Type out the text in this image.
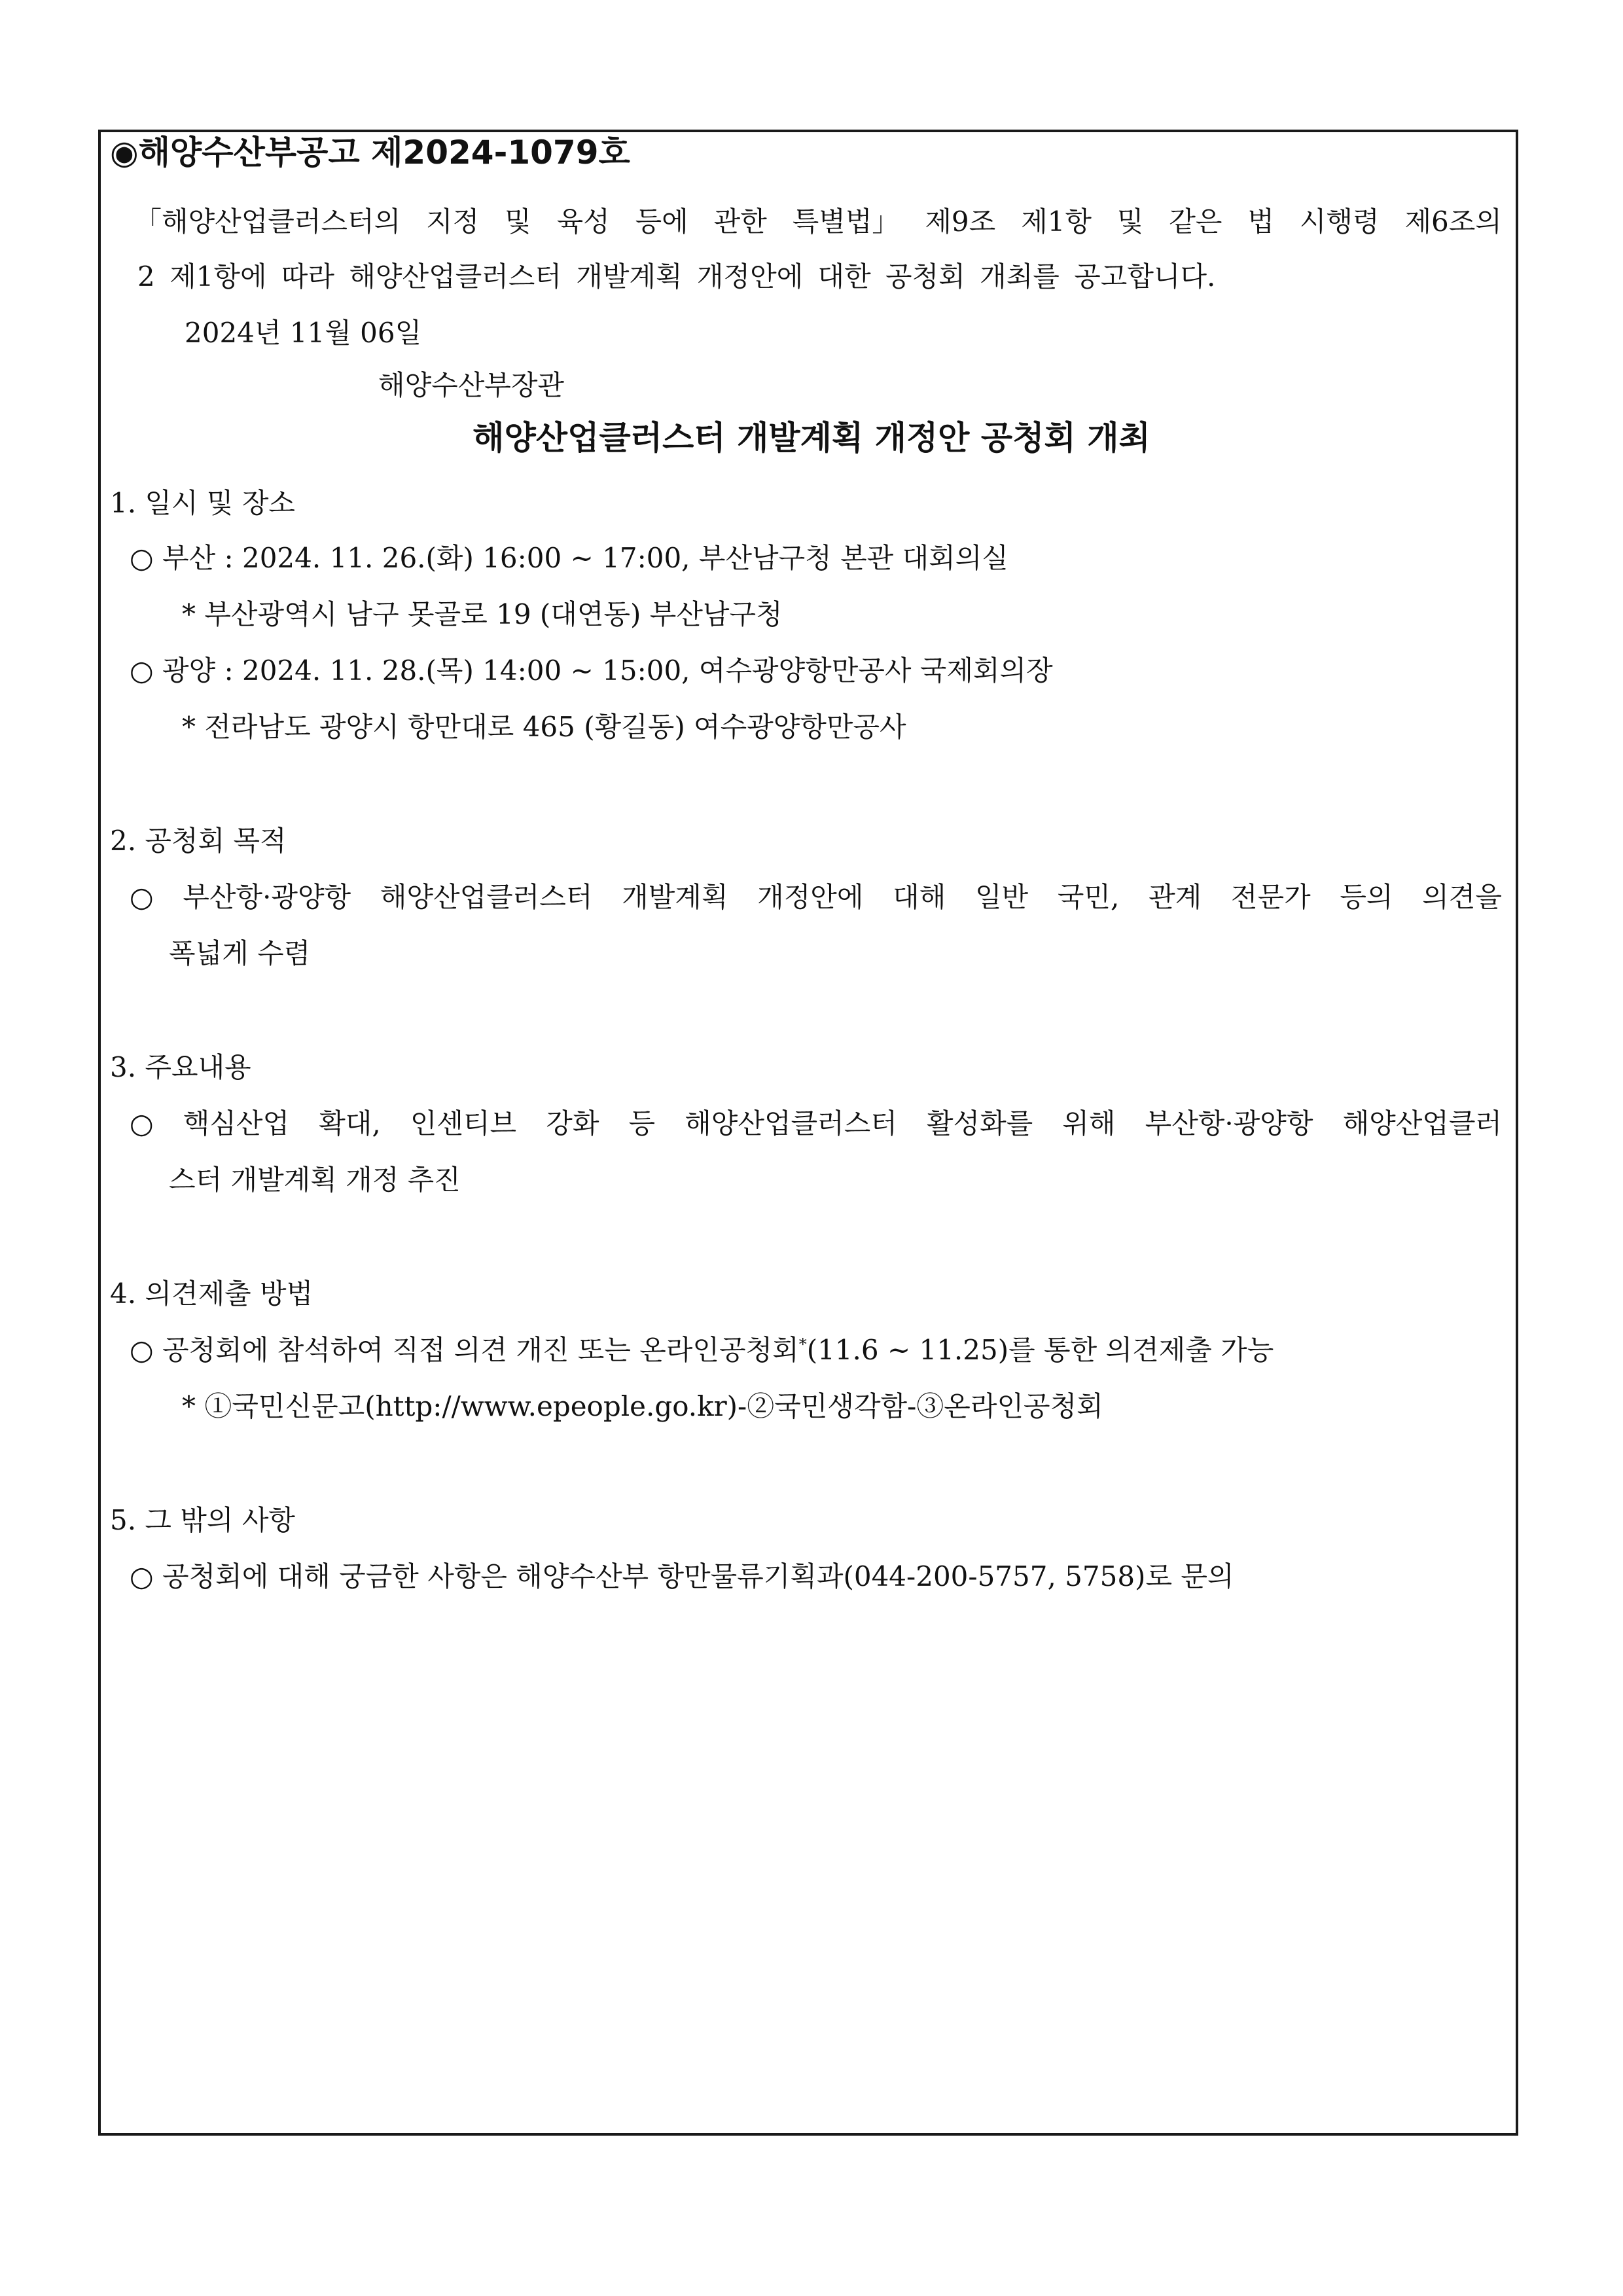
◉해양수산부공고 제2024-1079호
「해양산업클러스터의 지정 및 육성 등에 관한 특별법」 제9조 제1항 및 같은 법 시행령 제6조의
2 제1항에 따라 해양산업클러스터 개발계획 개정안에 대한 공청회 개최를 공고합니다.
2024년 11월 06일
해양수산부장관
해양산업클러스터 개발계획 개정안 공청회 개최
1. 일시 및 장소
○ 부산 : 2024. 11. 26.(화) 16:00 ~ 17:00, 부산남구청 본관 대회의실
* 부산광역시 남구 못골로 19 (대연동) 부산남구청
○ 광양 : 2024. 11. 28.(목) 14:00 ~ 15:00, 여수광양항만공사 국제회의장
* 전라남도 광양시 항만대로 465 (황길동) 여수광양항만공사
2. 공청회 목적
○ 부산항·광양항 해양산업클러스터 개발계획 개정안에 대해 일반 국민, 관계 전문가 등의 의견을
폭넓게 수렴
3. 주요내용
○ 핵심산업 확대, 인센티브 강화 등 해양산업클러스터 활성화를 위해 부산항·광양항 해양산업클러
스터 개발계획 개정 추진
4. 의견제출 방법
○ 공청회에 참석하여 직접 의견 개진 또는 온라인공청회*(11.6 ~ 11.25)를 통한 의견제출 가능
* ①국민신문고(http://www.epeople.go.kr)-②국민생각함-③온라인공청회
5. 그 밖의 사항
○ 공청회에 대해 궁금한 사항은 해양수산부 항만물류기획과(044-200-5757, 5758)로 문의
